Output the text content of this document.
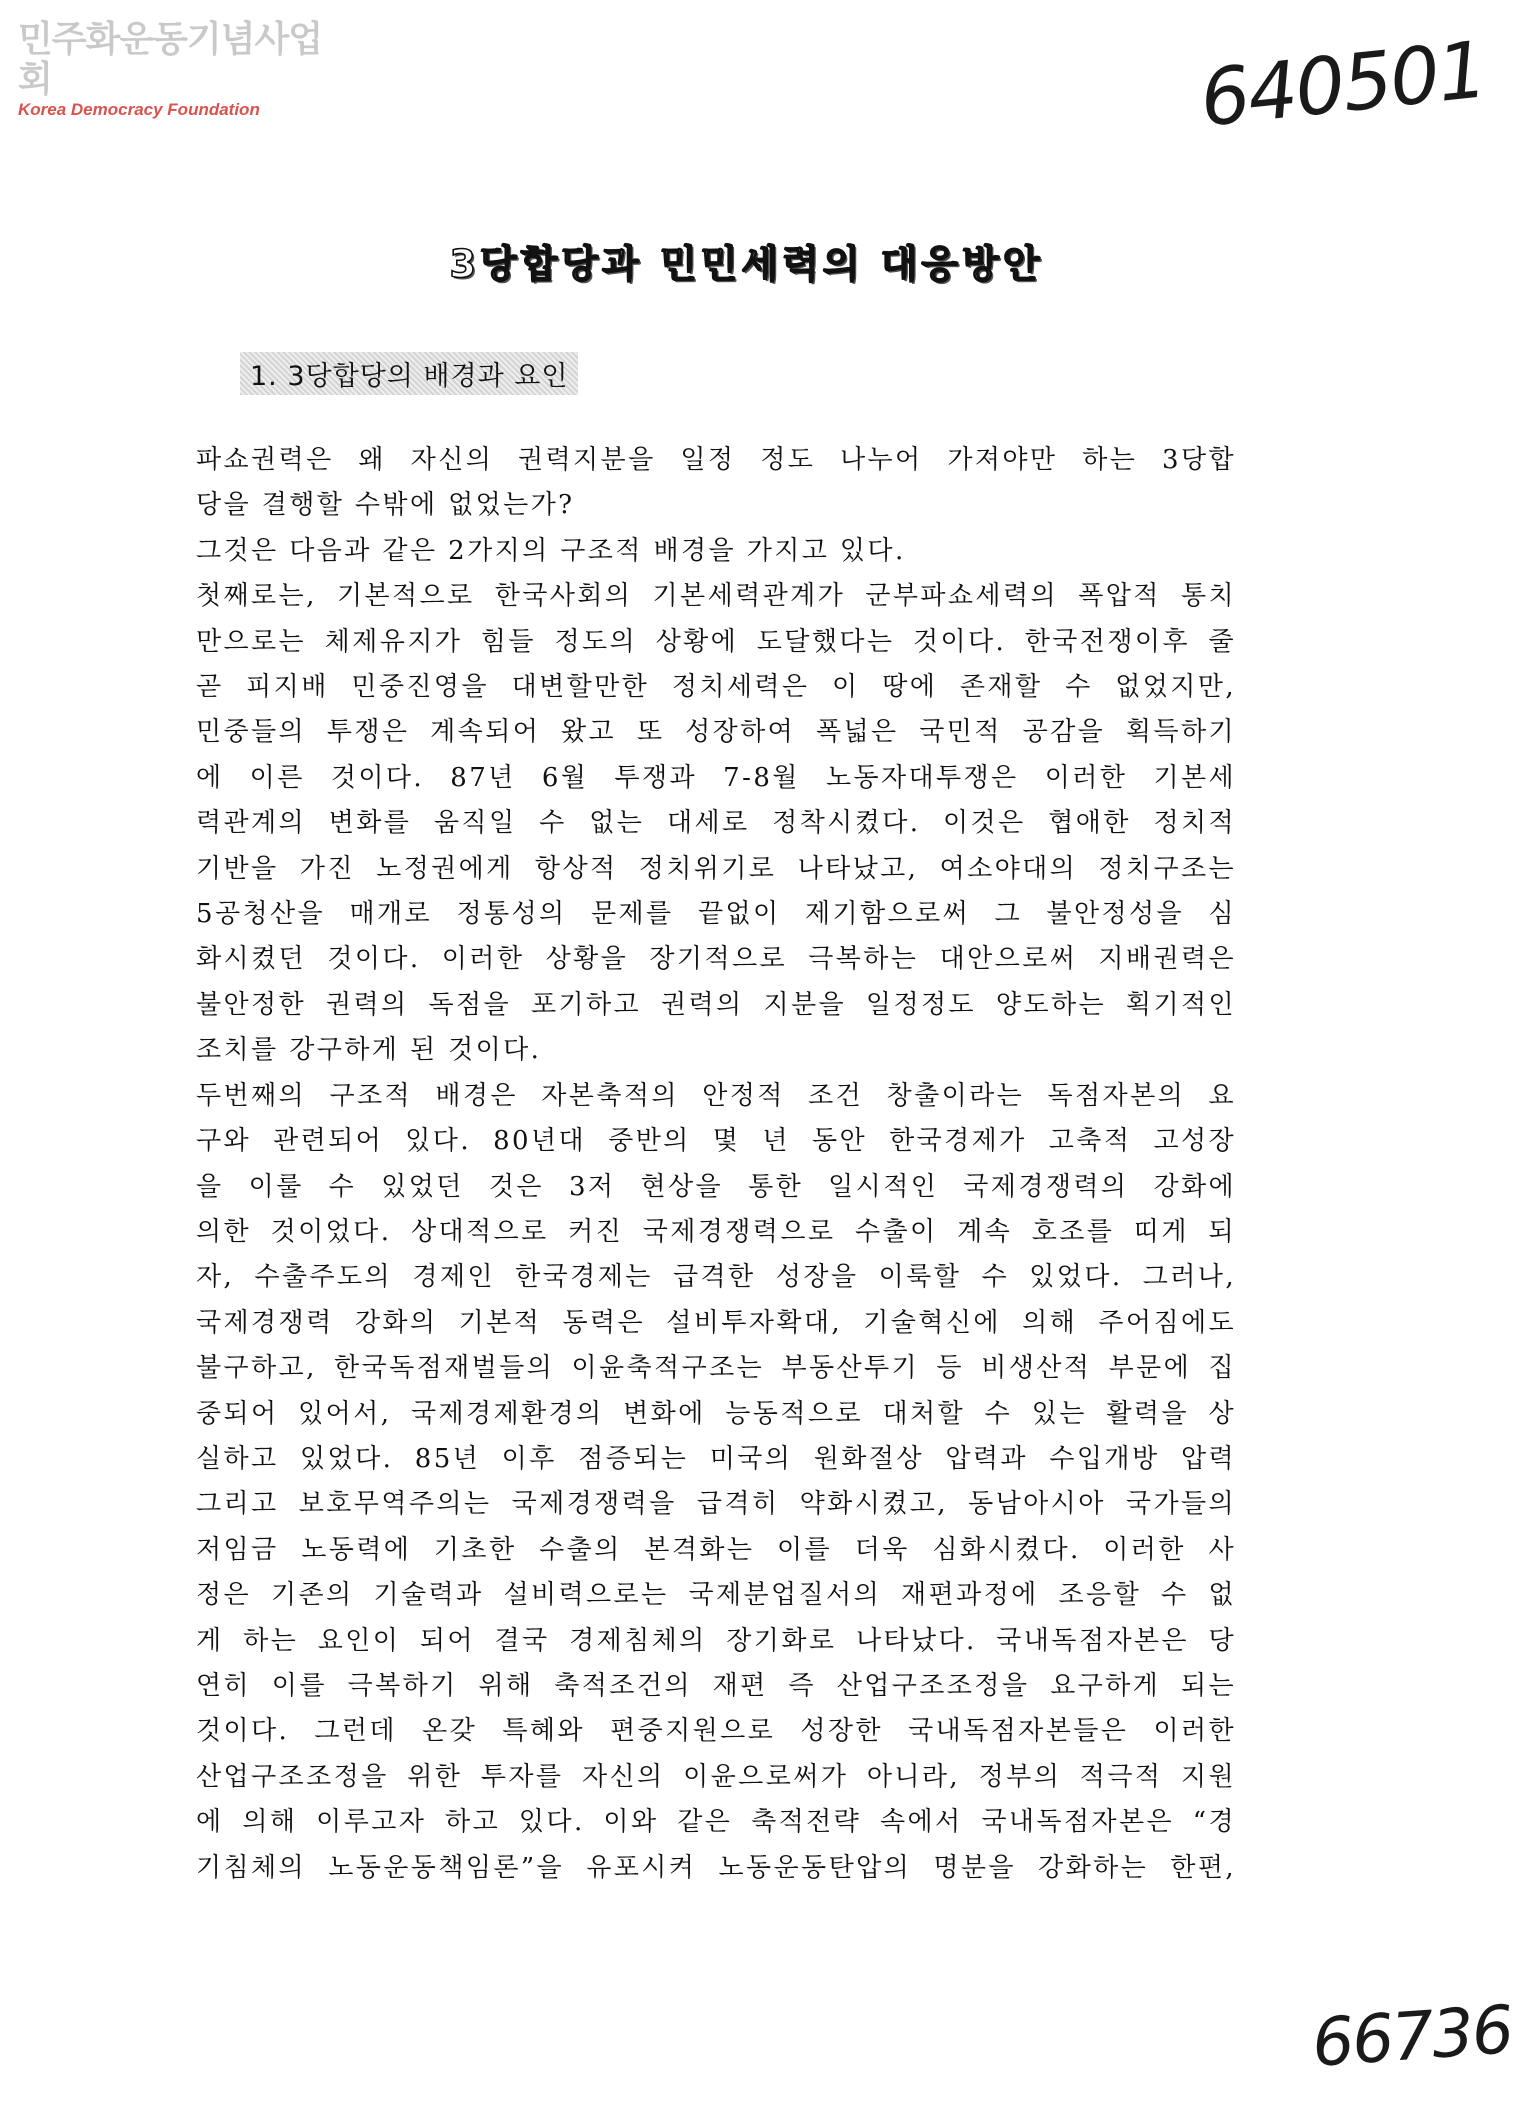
민주화운동기념사업회
Korea Democracy Foundation	640501
3당합당과 민민세력의 대응방안
1. 3당합당의 배경과 요인

파쇼권력은 왜 자신의 권력지분을 일정 정도 나누어 가져야만 하는 3당합

당을 결행할 수밖에 없었는가?

그것은 다음과 같은 2가지의 구조적 배경을 가지고 있다.

첫째로는, 기본적으로 한국사회의 기본세력관계가 군부파쇼세력의 폭압적 통치

만으로는 체제유지가 힘들 정도의 상황에 도달했다는 것이다. 한국전쟁이후 줄

곧 피지배 민중진영을 대변할만한 정치세력은 이 땅에 존재할 수 없었지만,

민중들의 투쟁은 계속되어 왔고 또 성장하여 폭넓은 국민적 공감을 획득하기

에 이른 것이다. 87년 6월 투쟁과 7-8월 노동자대투쟁은 이러한 기본세

력관계의 변화를 움직일 수 없는 대세로 정착시켰다. 이것은 협애한 정치적

기반을 가진 노정권에게 항상적 정치위기로 나타났고, 여소야대의 정치구조는

5공청산을 매개로 정통성의 문제를 끝없이 제기함으로써 그 불안정성을 심

화시켰던 것이다. 이러한 상황을 장기적으로 극복하는 대안으로써 지배권력은

불안정한 권력의 독점을 포기하고 권력의 지분을 일정정도 양도하는 획기적인

조치를 강구하게 된 것이다.

두번째의 구조적 배경은 자본축적의 안정적 조건 창출이라는 독점자본의 요

구와 관련되어 있다. 80년대 중반의 몇 년 동안 한국경제가 고축적 고성장

을 이룰 수 있었던 것은 3저 현상을 통한 일시적인 국제경쟁력의 강화에

의한 것이었다. 상대적으로 커진 국제경쟁력으로 수출이 계속 호조를 띠게 되

자, 수출주도의 경제인 한국경제는 급격한 성장을 이룩할 수 있었다. 그러나,

국제경쟁력 강화의 기본적 동력은 설비투자확대, 기술혁신에 의해 주어짐에도

불구하고, 한국독점재벌들의 이윤축적구조는 부동산투기 등 비생산적 부문에 집

중되어 있어서, 국제경제환경의 변화에 능동적으로 대처할 수 있는 활력을 상

실하고 있었다. 85년 이후 점증되는 미국의 원화절상 압력과 수입개방 압력

그리고 보호무역주의는 국제경쟁력을 급격히 약화시켰고, 동남아시아 국가들의

저임금 노동력에 기초한 수출의 본격화는 이를 더욱 심화시켰다. 이러한 사

정은 기존의 기술력과 설비력으로는 국제분업질서의 재편과정에 조응할 수 없

게 하는 요인이 되어 결국 경제침체의 장기화로 나타났다. 국내독점자본은 당

연히 이를 극복하기 위해 축적조건의 재편 즉 산업구조조정을 요구하게 되는

것이다. 그런데 온갖 특혜와 편중지원으로 성장한 국내독점자본들은 이러한

산업구조조정을 위한 투자를 자신의 이윤으로써가 아니라, 정부의 적극적 지원

에 의해 이루고자 하고 있다. 이와 같은 축적전략 속에서 국내독점자본은 “경

기침체의 노동운동책임론”을 유포시켜 노동운동탄압의 명분을 강화하는 한편,

66736
